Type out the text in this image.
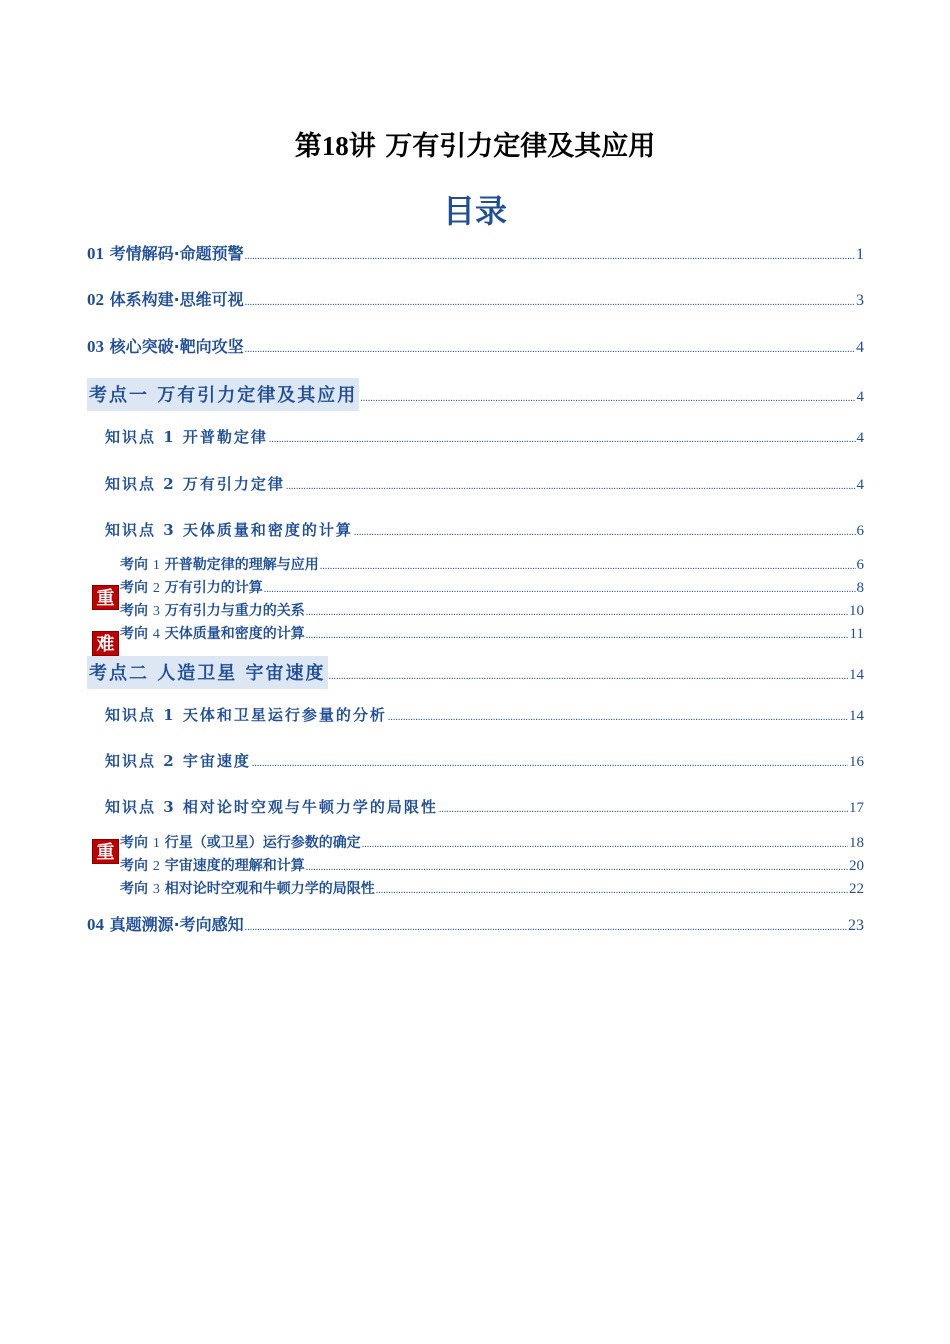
第18讲 万有引力定律及其应用
目录
01 考情解码·命题预警 .....	1
02 体系构建·思维可视 .....	3
03 核心突破·靶向攻坚 .....	4
考点一 万有引力定律及其应用 .....	4
知识点 1 开普勒定律 .....	4
知识点 2 万有引力定律 .....	4
知识点 3 天体质量和密度的计算 .....	6
考向 1 开普勒定律的理解与应用 .....	6
考向 2 万有引力的计算 .....	8
考向 3 万有引力与重力的关系 .....	10
考向 4 天体质量和密度的计算 .....	11
重
难
考点二 人造卫星 宇宙速度 .....	14
知识点 1 天体和卫星运行参量的分析 .....	14
知识点 2 宇宙速度 .....	16
知识点 3 相对论时空观与牛顿力学的局限性 .....	17
考向 1 行星（或卫星）运行参数的确定 .....	18
考向 2 宇宙速度的理解和计算 .....	20
考向 3 相对论时空观和牛顿力学的局限性 .....	22
重
04 真题溯源·考向感知 .....	23
